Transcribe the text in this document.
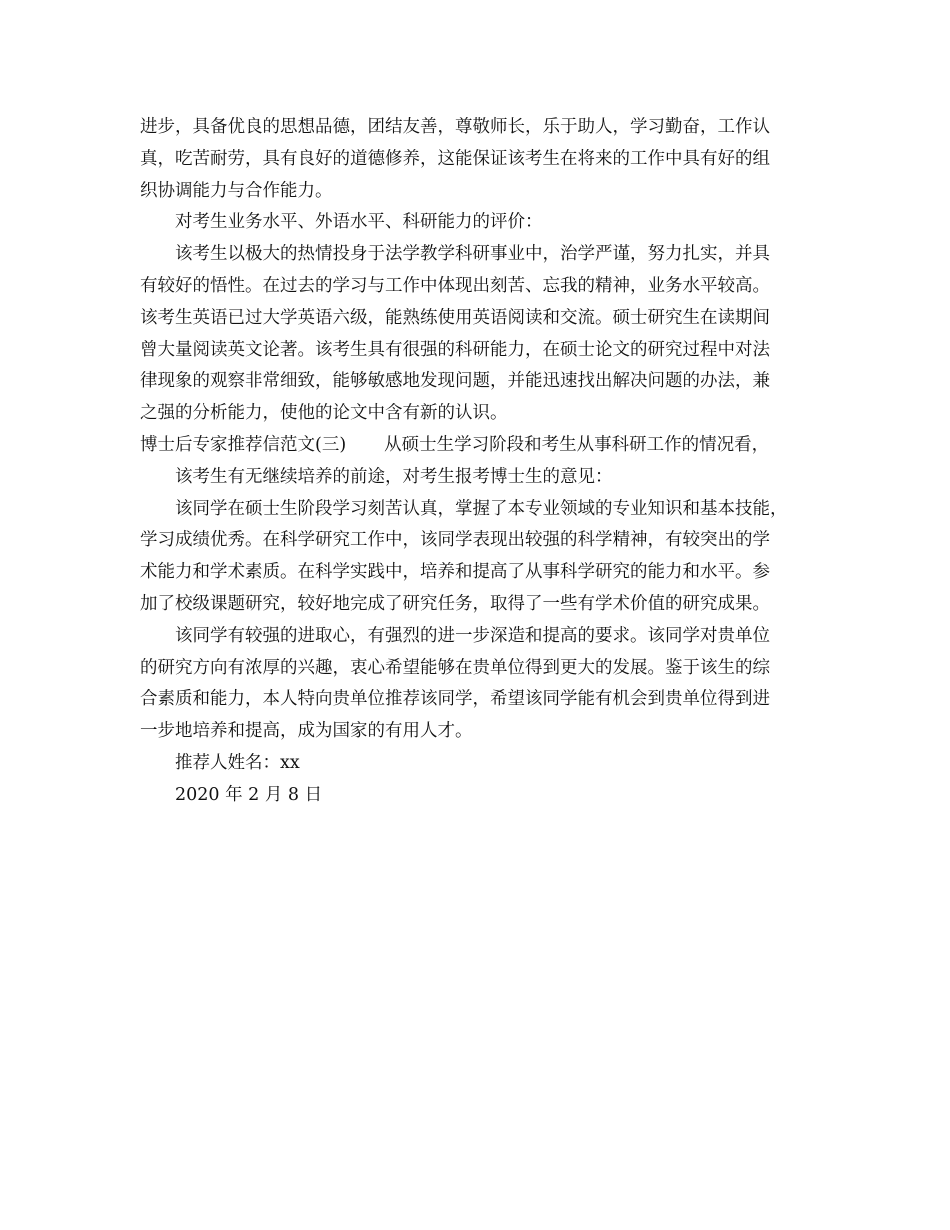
进步，具备优良的思想品德，团结友善，尊敬师长，乐于助人，学习勤奋，工作认
真，吃苦耐劳，具有良好的道德修养，这能保证该考生在将来的工作中具有好的组
织协调能力与合作能力。
对考生业务水平、外语水平、科研能力的评价：
该考生以极大的热情投身于法学教学科研事业中，治学严谨，努力扎实，并具
有较好的悟性。在过去的学习与工作中体现出刻苦、忘我的精神，业务水平较高。
该考生英语已过大学英语六级，能熟练使用英语阅读和交流。硕士研究生在读期间
曾大量阅读英文论著。该考生具有很强的科研能力，在硕士论文的研究过程中对法
律现象的观察非常细致，能够敏感地发现问题，并能迅速找出解决问题的办法，兼
之强的分析能力，使他的论文中含有新的认识。
博士后专家推荐信范文(三) 从硕士生学习阶段和考生从事科研工作的情况看，
该考生有无继续培养的前途，对考生报考博士生的意见：
该同学在硕士生阶段学习刻苦认真，掌握了本专业领域的专业知识和基本技能，
学习成绩优秀。在科学研究工作中，该同学表现出较强的科学精神，有较突出的学
术能力和学术素质。在科学实践中，培养和提高了从事科学研究的能力和水平。参
加了校级课题研究，较好地完成了研究任务，取得了一些有学术价值的研究成果。
该同学有较强的进取心，有强烈的进一步深造和提高的要求。该同学对贵单位
的研究方向有浓厚的兴趣，衷心希望能够在贵单位得到更大的发展。鉴于该生的综
合素质和能力，本人特向贵单位推荐该同学，希望该同学能有机会到贵单位得到进
一步地培养和提高，成为国家的有用人才。
推荐人姓名：xx
2020 年 2 月 8 日
